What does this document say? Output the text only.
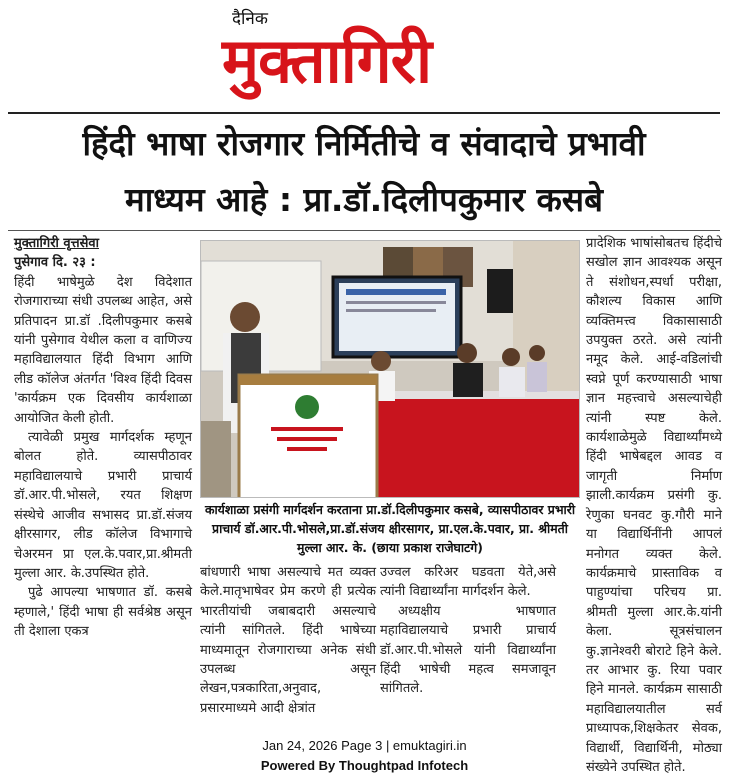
दैनिक
मुक्तागिरी
हिंदी भाषा रोजगार निर्मितीचे व संवादाचे प्रभावी
माध्यम आहे : प्रा.डॉ.दिलीपकुमार कसबे

मुक्तागिरी वृत्तसेवा

पुसेगाव दि. २३ :

हिंदी भाषेमुळे देश विदेशात रोजगाराच्या संधी उपलब्ध आहेत, असे प्रतिपादन प्रा.डॉ .दिलीपकुमार कसबे यांनी पुसेगाव येथील कला व वाणिज्य महाविद्यालयात हिंदी विभाग आणि लीड कॉलेज अंतर्गत 'विश्व हिंदी दिवस 'कार्यक्रम एक दिवसीय कार्यशाळा आयोजित केली होती.

त्यावेळी प्रमुख मार्गदर्शक म्हणून बोलत होते. व्यासपीठावर महाविद्यालयाचे प्रभारी प्राचार्य डॉ.आर.पी.भोसले, रयत शिक्षण संस्थेचे आजीव सभासद प्रा.डॉ.संजय क्षीरसागर, लीड कॉलेज विभागाचे चेअरमन प्रा एल.के.पवार,प्रा.श्रीमती मुल्ला आर. के.उपस्थित होते.

पुढे आपल्या भाषणात डॉ. कसबे म्हणाले,' हिंदी भाषा ही सर्वश्रेष्ठ असून ती देशाला एकत्र

कार्यशाळा प्रसंगी मार्गदर्शन करताना प्रा.डॉ.दिलीपकुमार कसबे, व्यासपीठावर प्रभारी प्राचार्य डॉ.आर.पी.भोसले,प्रा.डॉ.संजय क्षीरसागर, प्रा.एल.के.पवार, प्रा. श्रीमती मुल्ला आर. के. (छाया प्रकाश राजेघाटगे)

बांधणारी भाषा असल्याचे मत व्यक्त केले.मातृभाषेवर प्रेम करणे ही प्रत्येक भारतीयांची जबाबदारी असल्याचे त्यांनी सांगितले. हिंदी भाषेच्या माध्यमातून रोजगाराच्या अनेक संधी उपलब्ध असून लेखन,पत्रकारिता,अनुवाद, प्रसारमाध्यमे आदी क्षेत्रांत

उज्वल करिअर घडवता येते,असे त्यांनी विद्यार्थ्यांना मार्गदर्शन केले.

अध्यक्षीय भाषणात महाविद्यालयाचे प्रभारी प्राचार्य डॉ.आर.पी.भोसले यांनी विद्यार्थ्यांना हिंदी भाषेची महत्व समजावून सांगितले.

प्रादेशिक भाषांसोबतच हिंदीचे सखोल ज्ञान आवश्यक असून ते संशोधन,स्पर्धा परीक्षा, कौशल्य विकास आणि व्यक्तिमत्त्व विकासासाठी उपयुक्त ठरते. असे त्यांनी नमूद केले. आई-वडिलांची स्वप्ने पूर्ण करण्यासाठी भाषा ज्ञान महत्त्वाचे असल्याचेही त्यांनी स्पष्ट केले. कार्यशाळेमुळे विद्यार्थ्यांमध्ये हिंदी भाषेबद्दल आवड व जागृती निर्माण झाली.कार्यक्रम प्रसंगी कु. रेणुका घनवट कु.गौरी माने या विद्यार्थिनींनी आपलं मनोगत व्यक्त केले. कार्यक्रमाचे प्रास्ताविक व पाहुण्यांचा परिचय प्रा. श्रीमती मुल्ला आर.के.यांनी केला. सूत्रसंचालन कु.ज्ञानेश्वरी बोराटे हिने केले. तर आभार कु. रिया पवार हिने मानले. कार्यक्रम सासाठी महाविद्यालयातील सर्व प्राध्यापक,शिक्षकेतर सेवक, विद्यार्थी, विद्यार्थिनी, मोठ्या संख्येने उपस्थित होते.

Jan 24, 2026 Page 3 | emuktagiri.in
Powered By Thoughtpad Infotech
